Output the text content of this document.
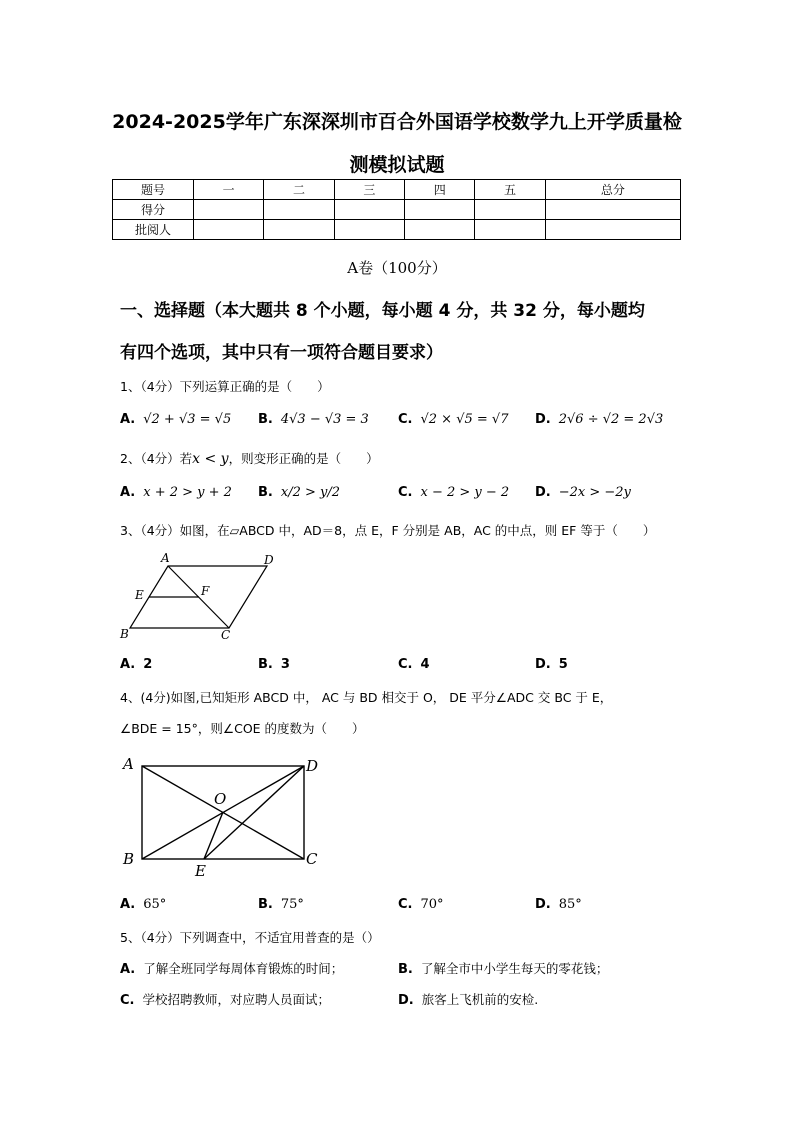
2024-2025学年广东深深圳市百合外国语学校数学九上开学质量检
测模拟试题
题号	一	二	三	四	五	总分
得分						
批阅人						
A卷（100分）
一、选择题（本大题共 8 个小题，每小题 4 分，共 32 分，每小题均
有四个选项，其中只有一项符合题目要求）
1、（4分）下列运算正确的是（　　）
A. √2 + √3 = √5 B. 4√3 − √3 = 3 C. √2 × √5 = √7 D. 2√6 ÷ √2 = 2√3
2、（4分）若x < y，则变形正确的是（　　）
A. x + 2 > y + 2 B. x/2 > y/2	C. x − 2 > y − 2 D. −2x > −2y
3、（4分）如图，在▱ABCD 中，AD＝8，点 E，F 分别是 AB，AC 的中点，则 EF 等于（　　）
A	D
E	F
B	C
A. 2	B. 3	C. 4	D. 5
4、(4分)如图,已知矩形 ABCD 中， AC 与 BD 相交于 O， DE 平分∠ADC 交 BC 于 E，
∠BDE = 15°，则∠COE 的度数为（　　）
A	D
O
B
E
C
A. 65°	B. 75°	C. 70°	D. 85°
5、（4分）下列调查中，不适宜用普查的是（）
A. 了解全班同学每周体育锻炼的时间；	B. 了解全市中小学生每天的零花钱；
C. 学校招聘教师，对应聘人员面试；	D. 旅客上飞机前的安检.
